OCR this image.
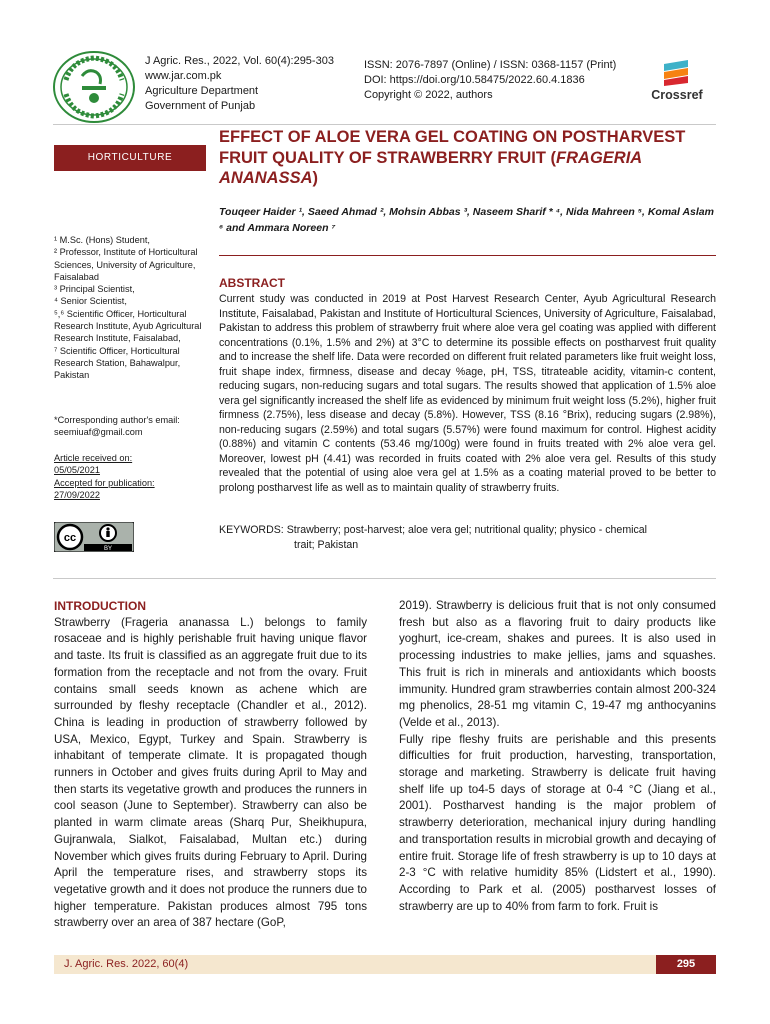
J Agric. Res., 2022, Vol. 60(4):295-303
www.jar.com.pk
Agriculture Department
Government of Punjab
ISSN: 2076-7897 (Online) / ISSN: 0368-1157 (Print)
DOI: https://doi.org/10.58475/2022.60.4.1836
Copyright © 2022, authors	Crossref
HORTICULTURE
EFFECT OF ALOE VERA GEL COATING ON POSTHARVEST FRUIT QUALITY OF STRAWBERRY FRUIT (FRAGERIA ANANASSA)
Touqeer Haider ¹, Saeed Ahmad ², Mohsin Abbas ³, Naseem Sharif * ⁴, Nida Mahreen ⁵, Komal Aslam ⁶ and Ammara Noreen ⁷
¹ M.Sc. (Hons) Student,
² Professor, Institute of Horticultural Sciences, University of Agriculture, Faisalabad
³ Principal Scientist,
⁴ Senior Scientist,
⁵,⁶ Scientific Officer, Horticultural Research Institute, Ayub Agricultural Research Institute, Faisalabad,
⁷ Scientific Officer, Horticultural Research Station, Bahawalpur, Pakistan
*Corresponding author's email:
seemiuaf@gmail.com
Article received on:
05/05/2021
Accepted for publication:
27/09/2022
cc
BY
ABSTRACT
Current study was conducted in 2019 at Post Harvest Research Center, Ayub Agricultural Research Institute, Faisalabad, Pakistan and Institute of Horticultural Sciences, University of Agriculture, Faisalabad, Pakistan to address this problem of strawberry fruit where aloe vera gel coating was applied with different concentrations (0.1%, 1.5% and 2%) at 3°C to determine its possible effects on postharvest fruit quality and to increase the shelf life. Data were recorded on different fruit related parameters like fruit weight loss, fruit shape index, firmness, disease and decay %age, pH, TSS, titrateable acidity, vitamin-c content, reducing sugars, non-reducing sugars and total sugars. The results showed that application of 1.5% aloe vera gel significantly increased the shelf life as evidenced by minimum fruit weight loss (5.2%), higher fruit firmness (2.75%), less disease and decay (5.8%). However, TSS (8.16 °Brix), reducing sugars (2.98%), non-reducing sugars (2.59%) and total sugars (5.57%) were found maximum for control. Highest acidity (0.88%) and vitamin C contents (53.46 mg/100g) were found in fruits treated with 2% aloe vera gel. Moreover, lowest pH (4.41) was recorded in fruits coated with 2% aloe vera gel. Results of this study revealed that the potential of using aloe vera gel at 1.5% as a coating material proved to be better to prolong postharvest life as well as to maintain quality of strawberry fruits.
KEYWORDS: Strawberry; post-harvest; aloe vera gel; nutritional quality; physico - chemical
trait; Pakistan
INTRODUCTION
Strawberry (Frageria ananassa L.) belongs to family rosaceae and is highly perishable fruit having unique flavor and taste. Its fruit is classified as an aggregate fruit due to its formation from the receptacle and not from the ovary. Fruit contains small seeds known as achene which are surrounded by fleshy receptacle (Chandler et al., 2012). China is leading in production of strawberry followed by USA, Mexico, Egypt, Turkey and Spain. Strawberry is inhabitant of temperate climate. It is propagated though runners in October and gives fruits during April to May and then starts its vegetative growth and produces the runners in cool season (June to September). Strawberry can also be planted in warm climate areas (Sharq Pur, Sheikhupura, Gujranwala, Sialkot, Faisalabad, Multan etc.) during November which gives fruits during February to April. During April the temperature rises, and strawberry stops its vegetative growth and it does not produce the runners due to higher temperature. Pakistan produces almost 795 tons strawberry over an area of 387 hectare (GoP,
2019). Strawberry is delicious fruit that is not only consumed fresh but also as a flavoring fruit to dairy products like yoghurt, ice-cream, shakes and purees. It is also used in processing industries to make jellies, jams and squashes. This fruit is rich in minerals and antioxidants which boosts immunity. Hundred gram strawberries contain almost 200-324 mg phenolics, 28-51 mg vitamin C, 19-47 mg anthocyanins (Velde et al., 2013).
Fully ripe fleshy fruits are perishable and this presents difficulties for fruit production, harvesting, transportation, storage and marketing. Strawberry is delicate fruit having shelf life up to4-5 days of storage at 0-4 °C (Jiang et al., 2001). Postharvest handing is the major problem of strawberry deterioration, mechanical injury during handling and transportation results in microbial growth and decaying of entire fruit. Storage life of fresh strawberry is up to 10 days at 2-3 °C with relative humidity 85% (Lidstert et al., 1990). According to Park et al. (2005) postharvest losses of strawberry are up to 40% from farm to fork. Fruit is
J. Agric. Res. 2022, 60(4)	295
